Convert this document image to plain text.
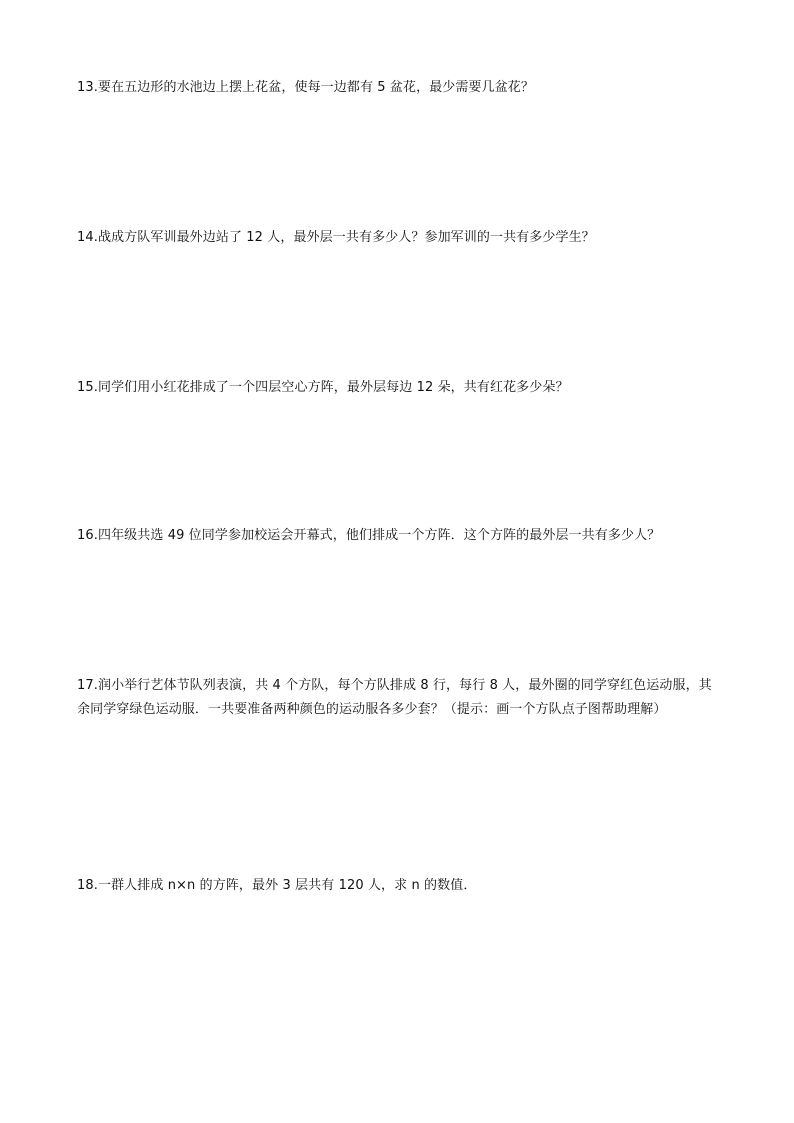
13.要在五边形的水池边上摆上花盆，使每一边都有 5 盆花，最少需要几盆花？
14.战成方队军训最外边站了 12 人，最外层一共有多少人？参加军训的一共有多少学生？
15.同学们用小红花排成了一个四层空心方阵，最外层每边 12 朵，共有红花多少朵？
16.四年级共选 49 位同学参加校运会开幕式，他们排成一个方阵．这个方阵的最外层一共有多少人？
17.润小举行艺体节队列表演，共 4 个方队，每个方队排成 8 行，每行 8 人，最外圈的同学穿红色运动服，其余同学穿绿色运动服．一共要准备两种颜色的运动服各多少套？（提示：画一个方队点子图帮助理解）
18.一群人排成 n×n 的方阵，最外 3 层共有 120 人，求 n 的数值．
